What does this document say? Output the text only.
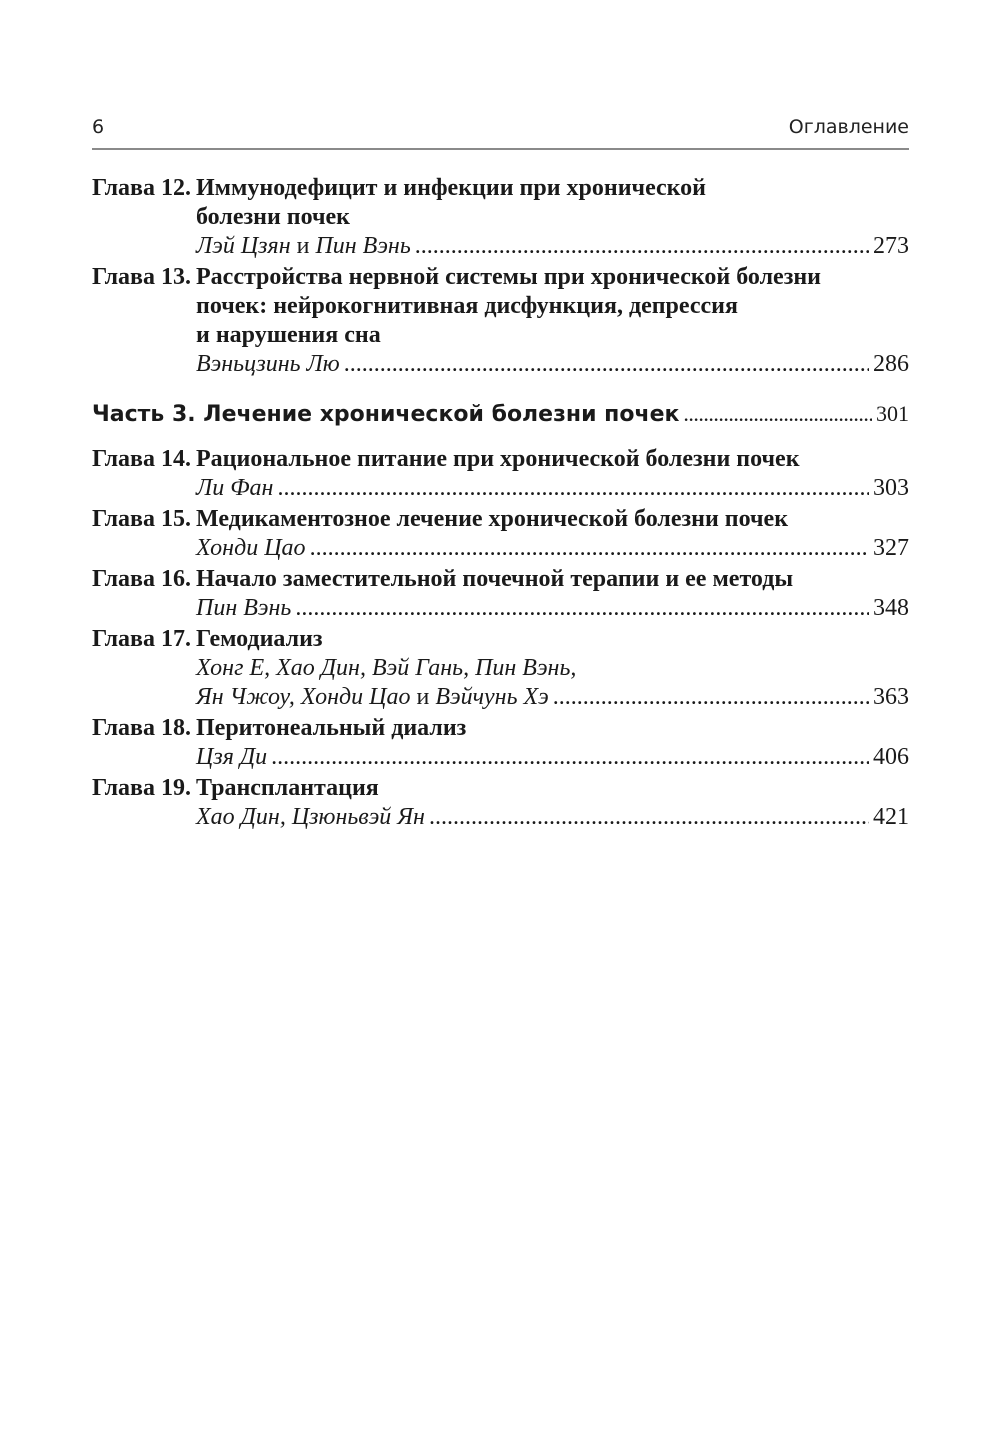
6	Оглавление
Глава 12. Иммунодефицит и инфекции при хронической
болезни почек
Лэй Цзян и Пин Вэнь . . .	273
Глава 13. Расстройства нервной системы при хронической болезни
почек: нейрокогнитивная дисфункция, депрессия
и нарушения сна
Вэньцзинь Лю . . .	286
Часть 3. Лечение хронической болезни почек . . .	301
Глава 14. Рациональное питание при хронической болезни почек
Ли Фан . . .	303
Глава 15. Медикаментозное лечение хронической болезни почек
Хонди Цао . . .	327
Глава 16. Начало заместительной почечной терапии и ее методы
Пин Вэнь . . .	348
Глава 17. Гемодиализ
Хонг Е, Хао Дин, Вэй Гань, Пин Вэнь,
Ян Чжоу, Хонди Цао и Вэйчунь Хэ . . .	363
Глава 18. Перитонеальный диализ
Цзя Ди . . .	406
Глава 19. Трансплантация
Хао Дин, Цзюньвэй Ян . . .	421
